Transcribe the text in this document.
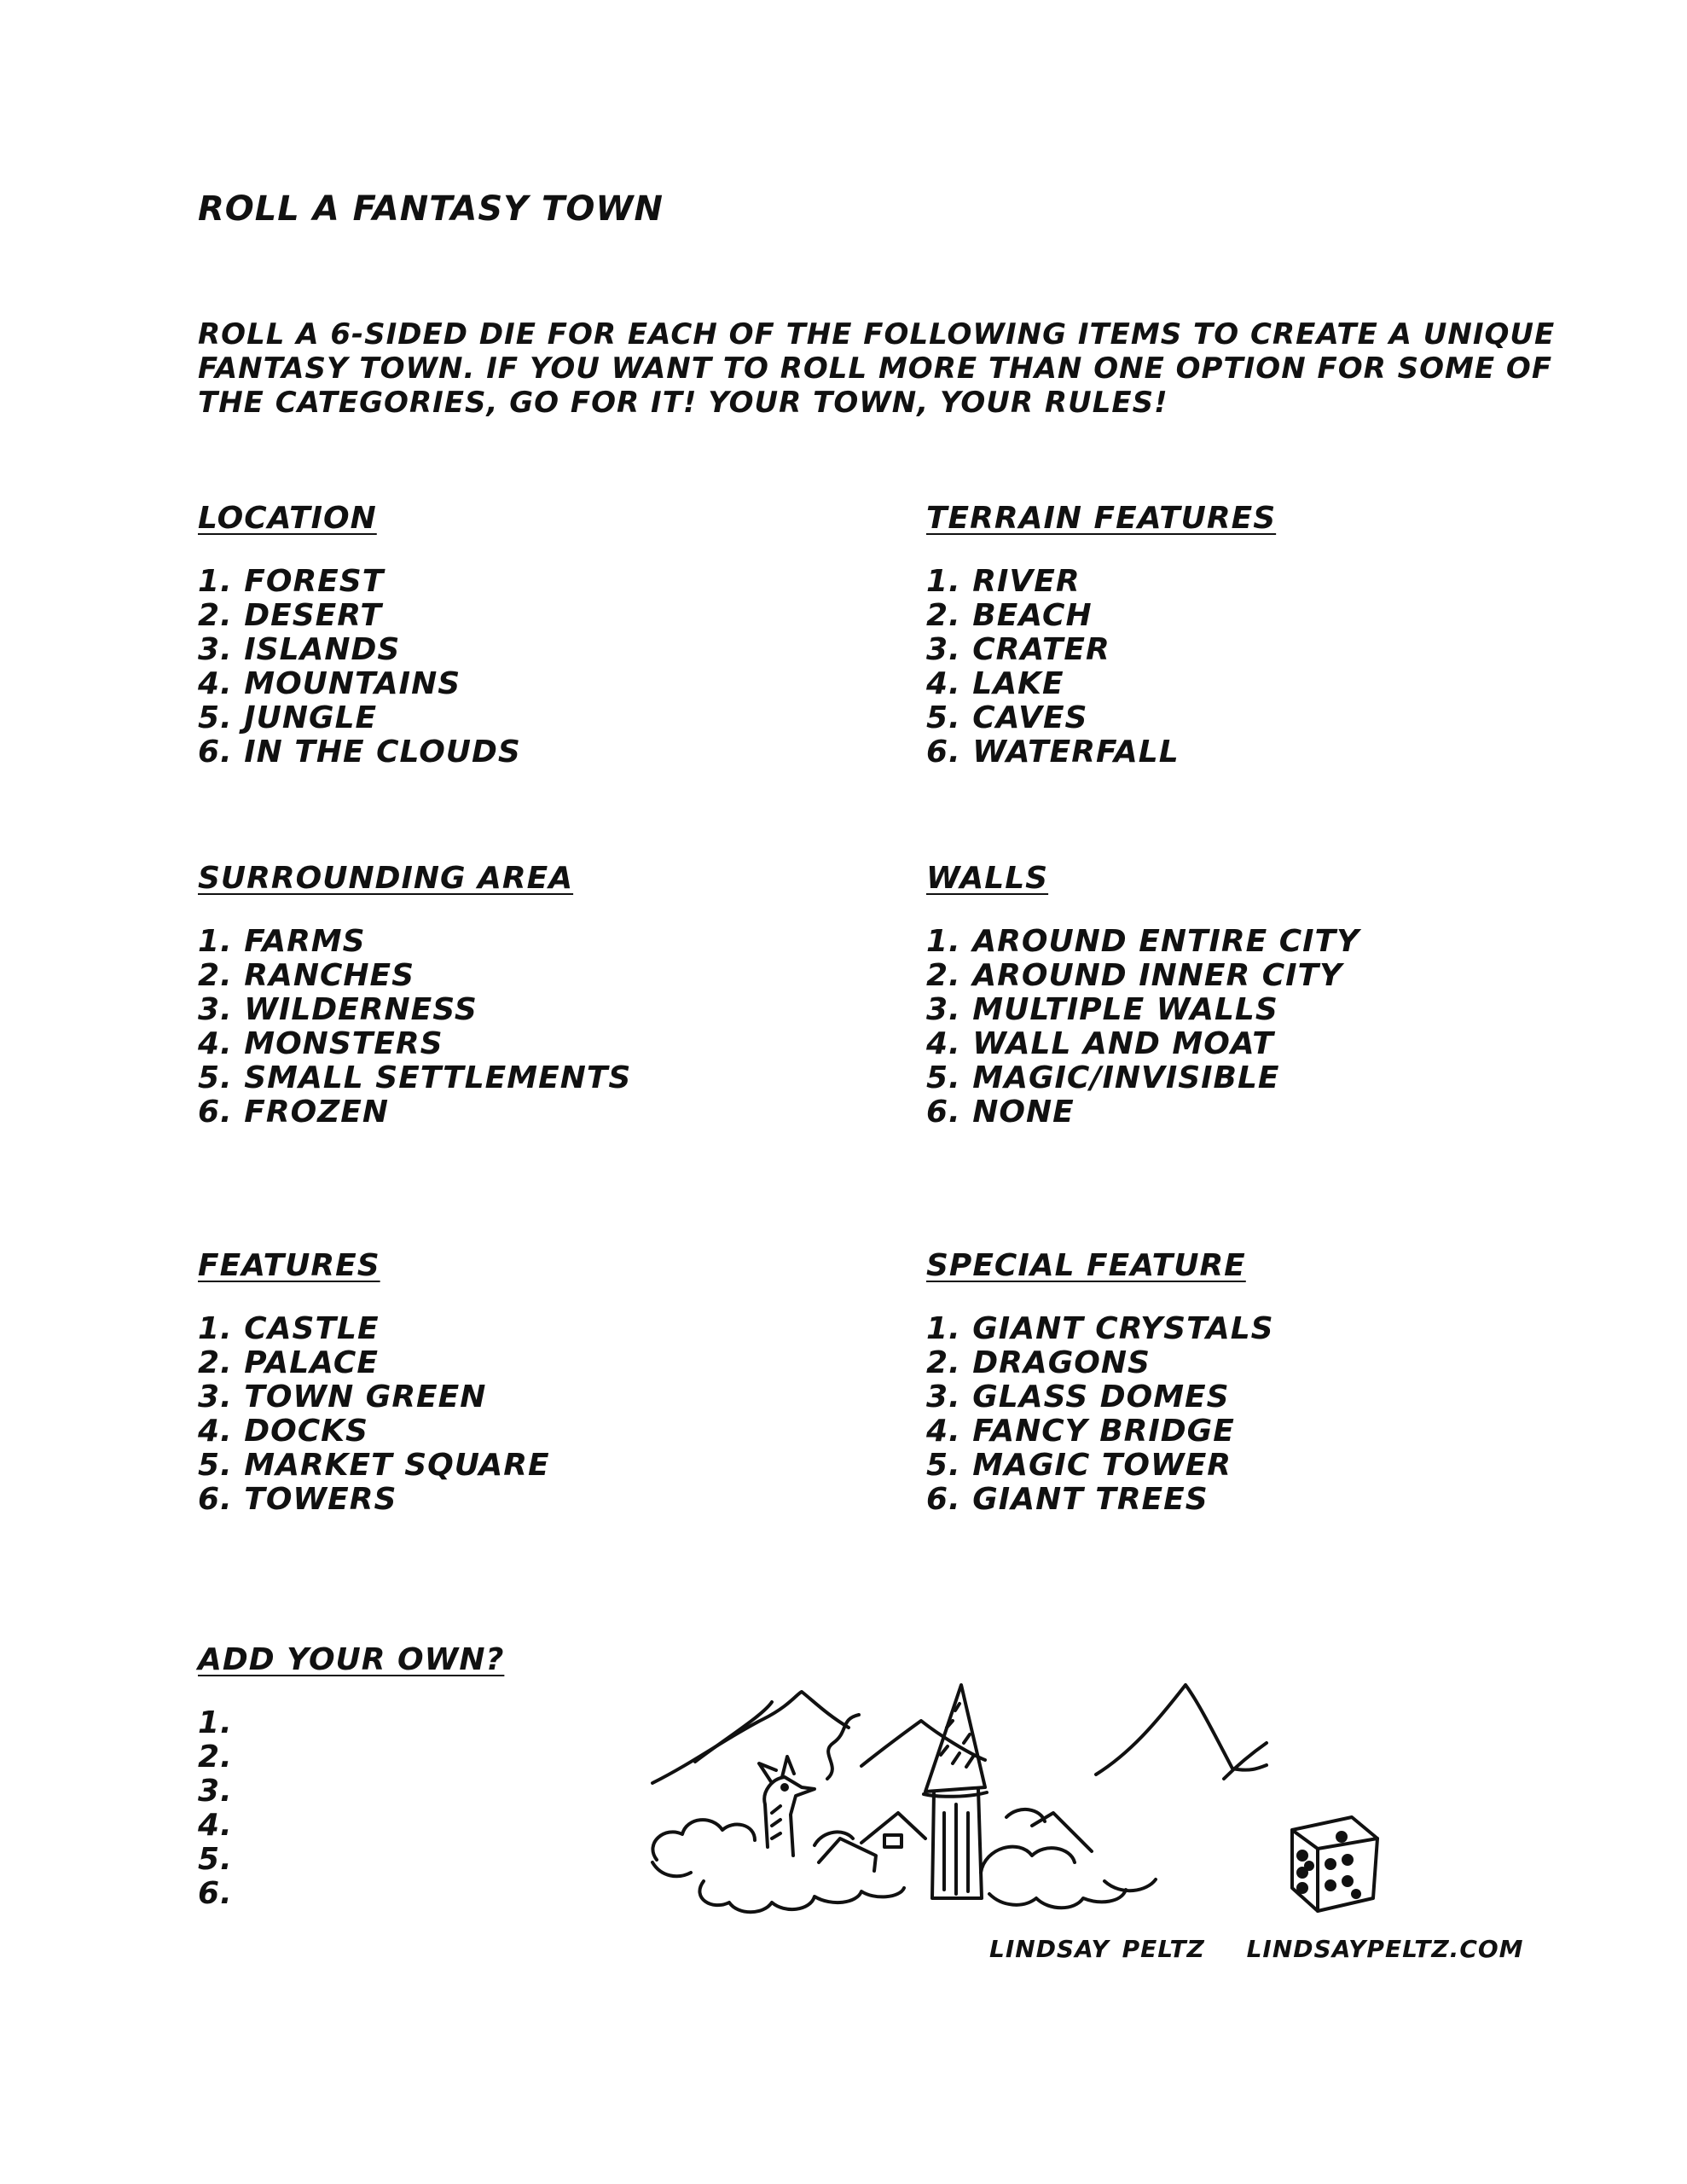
ROLL A FANTASY TOWN
ROLL A 6-SIDED DIE FOR EACH OF THE FOLLOWING ITEMS TO CREATE A UNIQUE
FANTASY TOWN. IF YOU WANT TO ROLL MORE THAN ONE OPTION FOR SOME OF
THE CATEGORIES, GO FOR IT! YOUR TOWN, YOUR RULES!
LOCATION
1. FOREST
2. DESERT
3. ISLANDS
4. MOUNTAINS
5. JUNGLE
6. IN THE CLOUDS
TERRAIN FEATURES
1. RIVER
2. BEACH
3. CRATER
4. LAKE
5. CAVES
6. WATERFALL
SURROUNDING AREA
1. FARMS
2. RANCHES
3. WILDERNESS
4. MONSTERS
5. SMALL SETTLEMENTS
6. FROZEN
WALLS
1. AROUND ENTIRE CITY
2. AROUND INNER CITY
3. MULTIPLE WALLS
4. WALL AND MOAT
5. MAGIC/INVISIBLE
6. NONE
FEATURES
1. CASTLE
2. PALACE
3. TOWN GREEN
4. DOCKS
5. MARKET SQUARE
6. TOWERS
SPECIAL FEATURE
1. GIANT CRYSTALS
2. DRAGONS
3. GLASS DOMES
4. FANCY BRIDGE
5. MAGIC TOWER
6. GIANT TREES
ADD YOUR OWN?
1.
2.
3.
4.
5.
6.
LINDSAY PELTZ LINDSAYPELTZ.COM
